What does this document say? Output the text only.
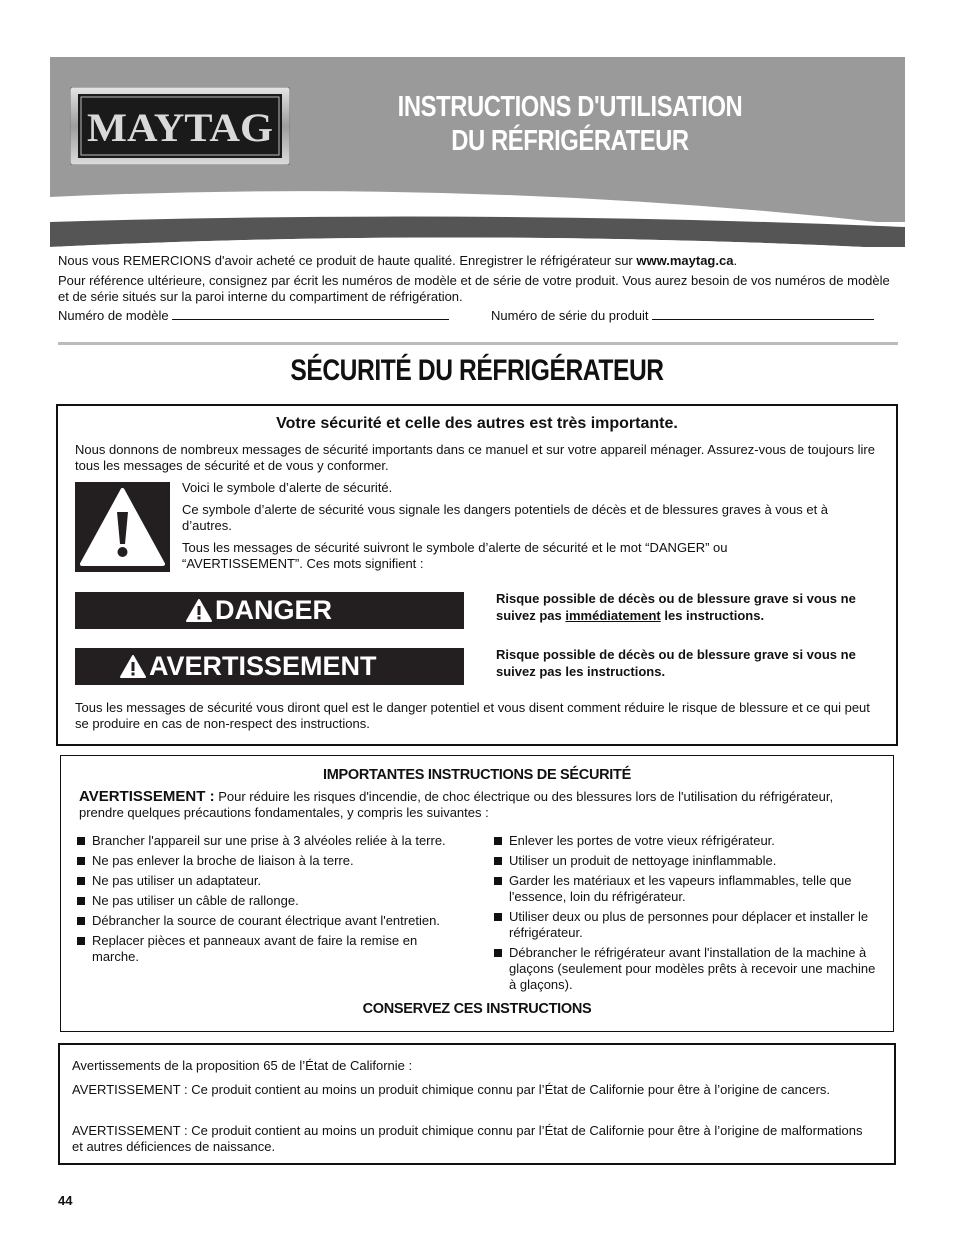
MAYTAG	INSTRUCTIONS D'UTILISATION
DU RÉFRIGÉRATEUR
Nous vous REMERCIONS d'avoir acheté ce produit de haute qualité. Enregistrer le réfrigérateur sur www.maytag.ca.
Pour référence ultérieure, consignez par écrit les numéros de modèle et de série de votre produit. Vous aurez besoin de vos numéros de modèle et de série situés sur la paroi interne du compartiment de réfrigération.
Numéro de modèle	Numéro de série du produit
SÉCURITÉ DU RÉFRIGÉRATEUR
Votre sécurité et celle des autres est très importante.
Nous donnons de nombreux messages de sécurité importants dans ce manuel et sur votre appareil ménager. Assurez-vous de toujours lire tous les messages de sécurité et de vous y conformer.
Voici le symbole d’alerte de sécurité.
Ce symbole d’alerte de sécurité vous signale les dangers potentiels de décès et de blessures graves à vous et à d’autres.
Tous les messages de sécurité suivront le symbole d’alerte de sécurité et le mot “DANGER” ou “AVERTISSEMENT”. Ces mots signifient :
DANGER	Risque possible de décès ou de blessure grave si vous ne suivez pas immédiatement les instructions.
AVERTISSEMENT	Risque possible de décès ou de blessure grave si vous ne suivez pas les instructions.
Tous les messages de sécurité vous diront quel est le danger potentiel et vous disent comment réduire le risque de blessure et ce qui peut se produire en cas de non-respect des instructions.
IMPORTANTES INSTRUCTIONS DE SÉCURITÉ
AVERTISSEMENT : Pour réduire les risques d'incendie, de choc électrique ou des blessures lors de l'utilisation du réfrigérateur, prendre quelques précautions fondamentales, y compris les suivantes :
Brancher l'appareil sur une prise à 3 alvéoles reliée à la terre.
Ne pas enlever la broche de liaison à la terre.
Ne pas utiliser un adaptateur.
Ne pas utiliser un câble de rallonge.
Débrancher la source de courant électrique avant l'entretien.
Replacer pièces et panneaux avant de faire la remise en marche.
Enlever les portes de votre vieux réfrigérateur.
Utiliser un produit de nettoyage ininflammable.
Garder les matériaux et les vapeurs inflammables, telle que l'essence, loin du réfrigérateur.
Utiliser deux ou plus de personnes pour déplacer et installer le réfrigérateur.
Débrancher le réfrigérateur avant l'installation de la machine à glaçons (seulement pour modèles prêts à recevoir une machine à glaçons).
CONSERVEZ CES INSTRUCTIONS
Avertissements de la proposition 65 de l’État de Californie :
AVERTISSEMENT : Ce produit contient au moins un produit chimique connu par l’État de Californie pour être à l’origine de cancers.
AVERTISSEMENT : Ce produit contient au moins un produit chimique connu par l’État de Californie pour être à l’origine de malformations et autres déficiences de naissance.
44
